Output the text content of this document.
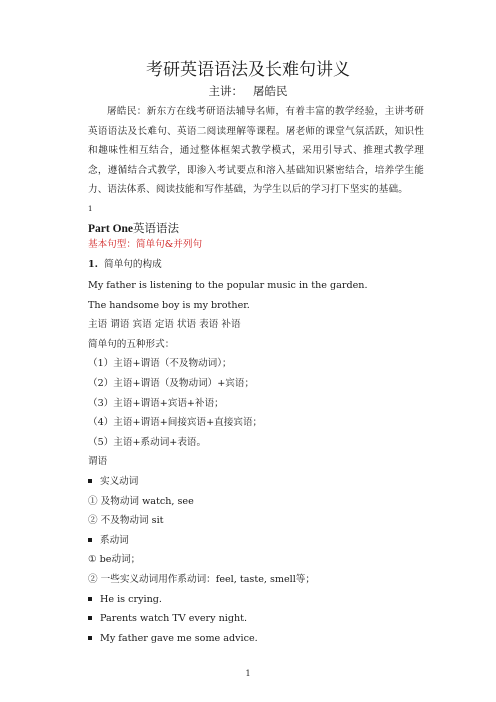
考研英语语法及长难句讲义
主讲： 屠皓民
屠皓民：新东方在线考研语法辅导名师，有着丰富的教学经验，主讲考研英语语法及长难句、英语二阅读理解等课程。屠老师的课堂气氛活跃，知识性和趣味性相互结合，通过整体框架式教学模式，采用引导式、推理式教学理念，遵循结合式教学，即渗入考试要点和溶入基础知识紧密结合，培养学生能力、语法体系、阅读技能和写作基础，为学生以后的学习打下坚实的基础。
1
Part One英语语法
基本句型：简单句&并列句
1. 简单句的构成
My father is listening to the popular music in the garden.
The handsome boy is my brother.
主语 谓语 宾语 定语 状语 表语 补语
简单句的五种形式：
（1）主语+谓语（不及物动词）；
（2）主语+谓语（及物动词）+宾语；
（3）主语+谓语+宾语+补语；
（4）主语+谓语+间接宾语+直接宾语；
（5）主语+系动词+表语。
谓语
实义动词
① 及物动词 watch, see
② 不及物动词 sit
系动词
① be动词；
② 一些实义动词用作系动词：feel, taste, smell等；
He is crying.
Parents watch TV every night.
My father gave me some advice.
1
